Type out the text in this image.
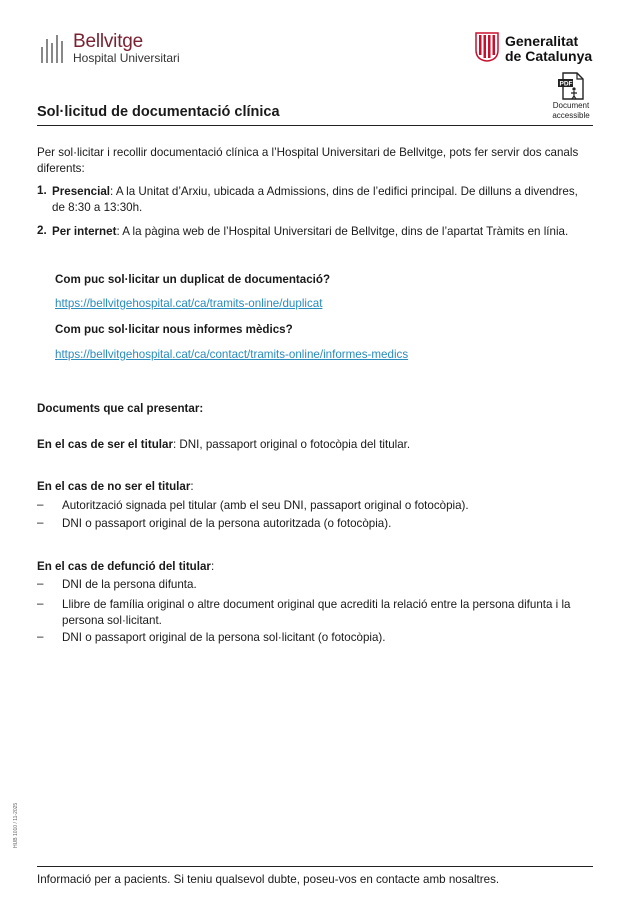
Bellvitge
Hospital Universitari
Generalitat
de Catalunya
PDF
Document
accessible
Sol·licitud de documentació clínica
Per sol·licitar i recollir documentació clínica a l’Hospital Universitari de Bellvitge, pots fer servir dos canals diferents:
1. Presencial: A la Unitat d’Arxiu, ubicada a Admissions, dins de l’edifici principal. De dilluns a divendres, de 8:30 a 13:30h.
2. Per internet: A la pàgina web de l’Hospital Universitari de Bellvitge, dins de l’apartat Tràmits en línia.
Com puc sol·licitar un duplicat de documentació?
https://bellvitgehospital.cat/ca/tramits-online/duplicat
Com puc sol·licitar nous informes mèdics?
https://bellvitgehospital.cat/ca/contact/tramits-online/informes-medics
Documents que cal presentar:
En el cas de ser el titular: DNI, passaport original o fotocòpia del titular.
En el cas de no ser el titular:
– Autorització signada pel titular (amb el seu DNI, passaport original o fotocòpia).
– DNI o passaport original de la persona autoritzada (o fotocòpia).
En el cas de defunció del titular:
– DNI de la persona difunta.
– Llibre de família original o altre document original que acrediti la relació entre la persona difunta i la persona sol·licitant.
– DNI o passaport original de la persona sol·licitant (o fotocòpia).
HUB 1010 / 11-2025
Informació per a pacients. Si teniu qualsevol dubte, poseu-vos en contacte amb nosaltres.
